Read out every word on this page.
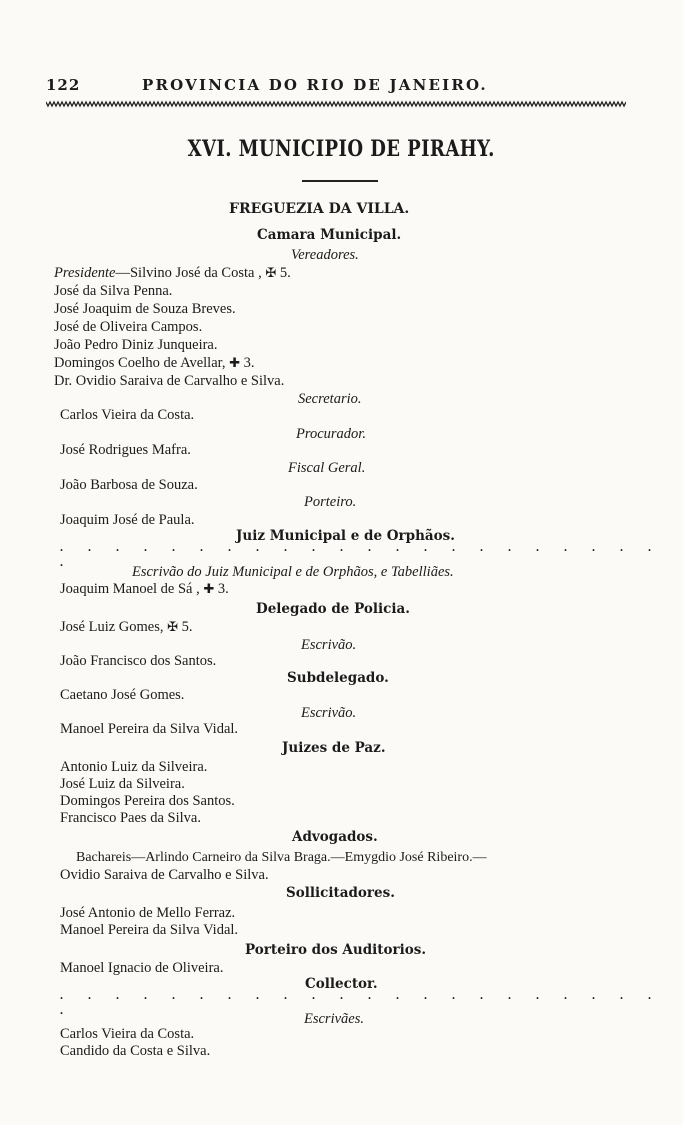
122	PROVINCIA DO RIO DE JANEIRO.
XVI. MUNICIPIO DE PIRAHY.
FREGUEZIA DA VILLA.
Camara Municipal.
Vereadores.
Presidente—Silvino José da Costa , ✠ 5.
José da Silva Penna.
José Joaquim de Souza Breves.
José de Oliveira Campos.
João Pedro Diniz Junqueira.
Domingos Coelho de Avellar, ✚ 3.
Dr. Ovidio Saraiva de Carvalho e Silva.
Secretario.
Carlos Vieira da Costa.
Procurador.
José Rodrigues Mafra.
Fiscal Geral.
João Barbosa de Souza.
Porteiro.
Joaquim José de Paula.
Juiz Municipal e de Orphãos.
. . . . . . . . . . . . . . . . . . . . . . .
Escrivão do Juiz Municipal e de Orphãos, e Tabelliães.
Joaquim Manoel de Sá , ✚ 3.
Delegado de Policia.
José Luiz Gomes, ✠ 5.
Escrivão.
João Francisco dos Santos.
Subdelegado.
Caetano José Gomes.
Escrivão.
Manoel Pereira da Silva Vidal.
Juizes de Paz.
Antonio Luiz da Silveira.
José Luiz da Silveira.
Domingos Pereira dos Santos.
Francisco Paes da Silva.
Advogados.
Bachareis—Arlindo Carneiro da Silva Braga.—Emygdio José Ribeiro.—
Ovidio Saraiva de Carvalho e Silva.
Sollicitadores.
José Antonio de Mello Ferraz.
Manoel Pereira da Silva Vidal.
Porteiro dos Auditorios.
Manoel Ignacio de Oliveira.
Collector.
. . . . . . . . . . . . . . . . . . . . . . .
Escrivães.
Carlos Vieira da Costa.
Candido da Costa e Silva.
